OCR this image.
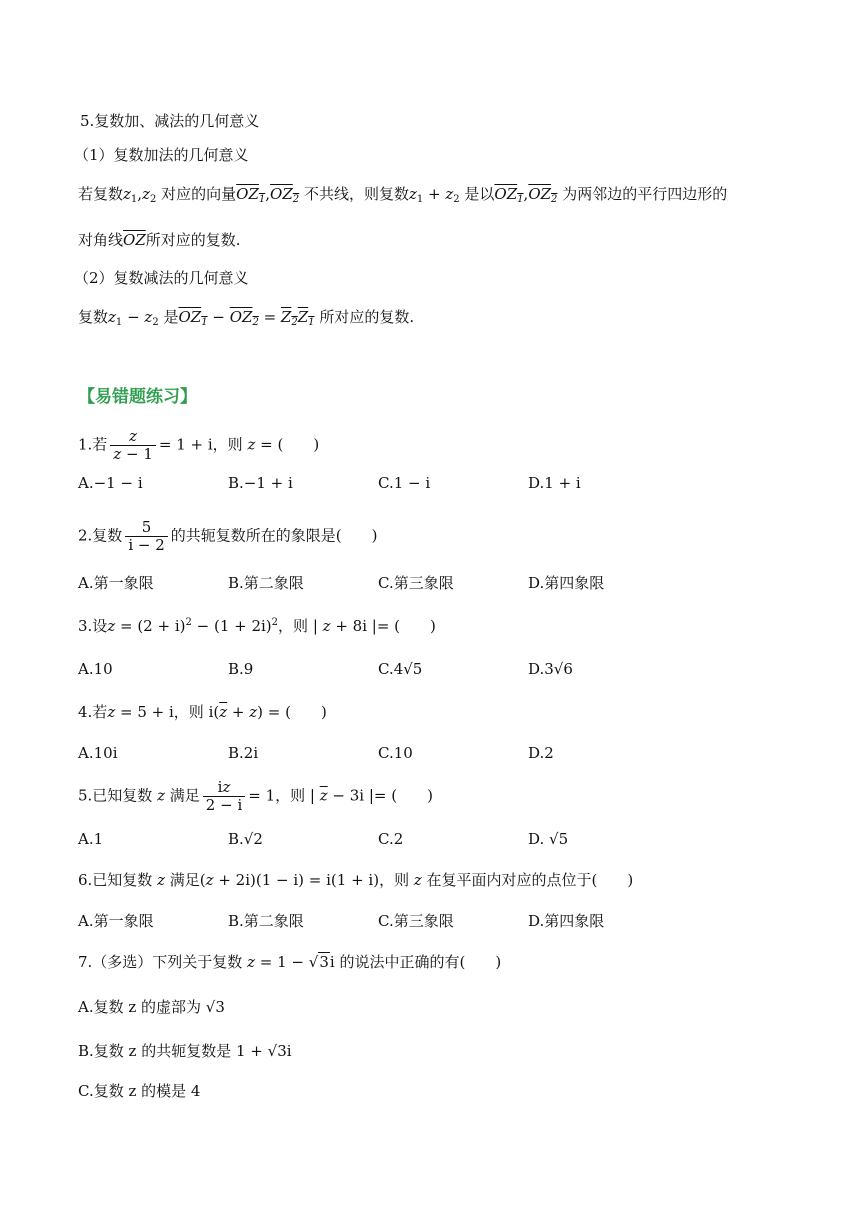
5.复数加、减法的几何意义
（1）复数加法的几何意义
若复数$z_1,z_2$ 对应的向量$OZ_1,OZ_2$ 不共线，则复数$z_1 + z_2$ 是以$OZ_1,OZ_2$ 为两邻边的平行四边形的
对角线$\overline{OZ}$所对应的复数.
（2）复数减法的几何意义
复数$z_1 - z_2$ 是$OZ_1 - OZ_2 = Z_2Z_1$ 所对应的复数.
【易错题练习】
1.若 $\frac{z}{z - 1} = 1 + i$，则 z = (　　)
A.−1 − i	B.−1 + i	C.1 − i	D.1 + i
2.复数 $\frac{5}{i - 2}$ 的共轭复数所在的象限是(　　)
A.第一象限	B.第二象限	C.第三象限	D.第四象限
3.设$z = (2 + i)^2 - (1 + 2i)^2$，则 | z + 8i |= (　　)
A.10	B.9	C.4√5	D.3√6
4.若z = 5 + i，则 $i(\overline{z} + z)$ = (　　)
A.10i	B.2i	C.10	D.2
5.已知复数 z 满足 $\frac{iz}{2 - i} = 1$，则 | $\overline{z} - 3i$ |= (　　)
A.1	B.√2	C.2	D. √5
6.已知复数 z 满足(z + 2i)(1 − i) = i(1 + i)，则 z 在复平面内对应的点位于(　　)
A.第一象限	B.第二象限	C.第三象限	D.第四象限
7.（多选）下列关于复数 z = 1 − √3i 的说法中正确的有(　　)
A.复数 z 的虚部为 √3
B.复数 z 的共轭复数是 1 + √3i
C.复数 z 的模是 4
